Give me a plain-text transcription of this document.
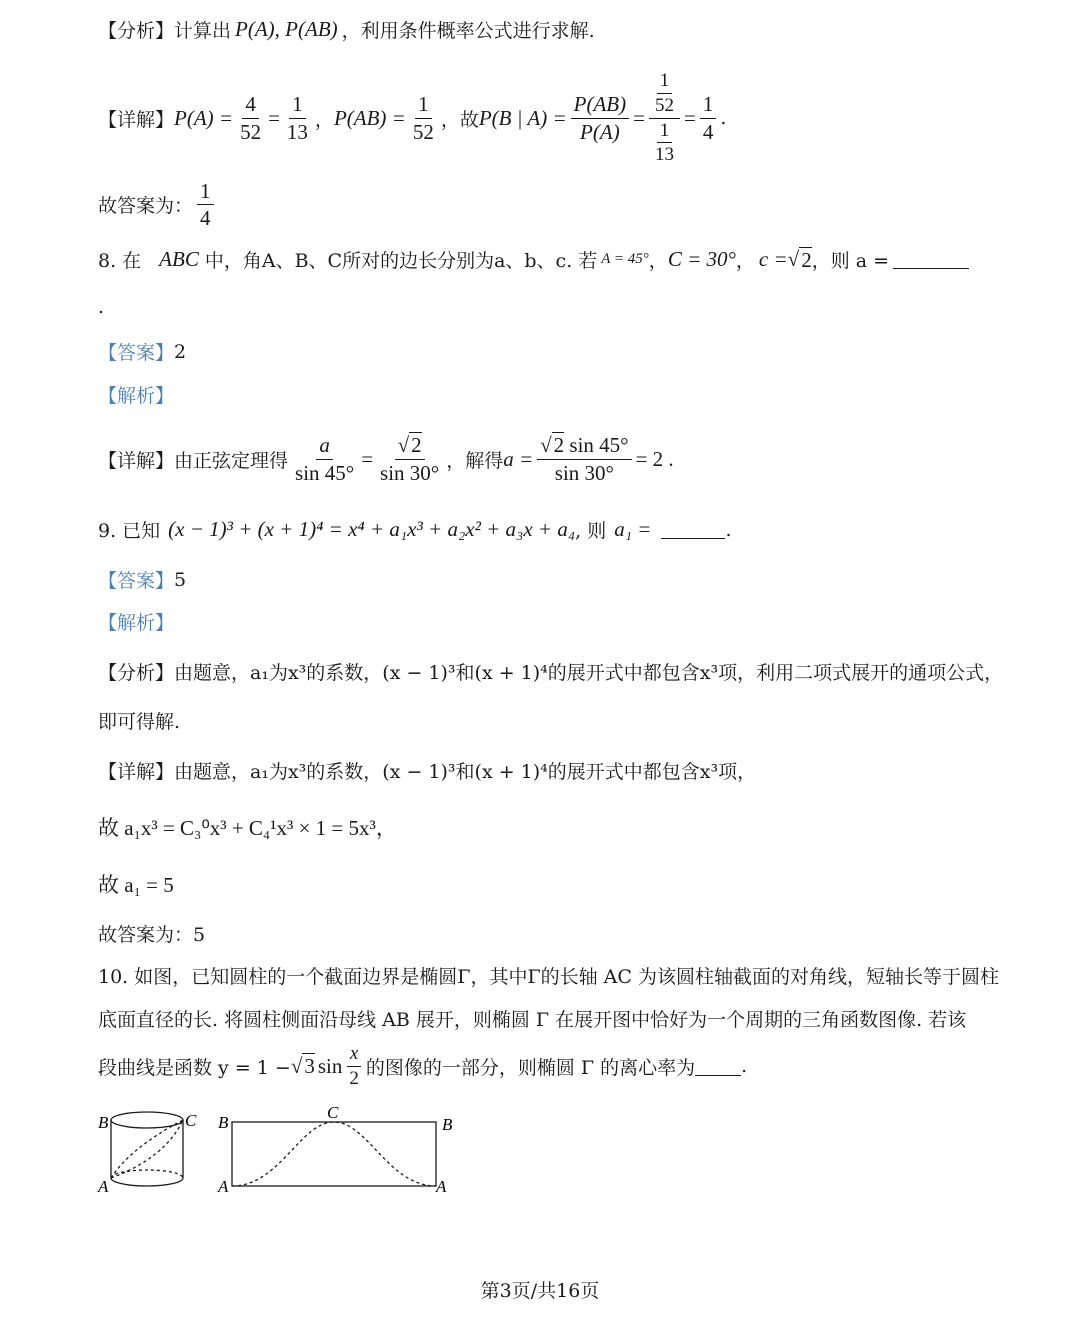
【分析】 计算出 P(A), P(AB) ，利用条件概率公式进行求解.
【详解】 $P(A) = \frac{4}{52} = \frac{1}{13}$ ， $P(AB) = \frac{1}{52}$ ，故 P(B | $A) = \frac{P(AB)}{P(A)} = \frac{\frac{1}{52}}{\frac{1}{13}} = \frac{1}{4}$ .
故答案为： $\frac{1}{4}$
8. 在 ABC 中，角A、B、C所对的边长分别为a、b、c. 若 A = 45° ， C = 30° ， c = √ 2 ，则 a =
.
【答案】 2
【解析】
【详解】 由正弦定理得 $\frac{a}{\sin 45^\circ} = \frac{√2}{\sin 30^\circ}$ ，解得 $a = \frac{√2 \sin 45^\circ}{\sin 30^\circ} = 2$ .
9. 已知 (x − 1)³ + (x + 1)⁴ = x⁴ + a₁x³ + a₂x² + a₃x + a₄ , 则 a₁ =	.
【答案】 5
【解析】
【分析】 由题意，a₁为x³的系数，(x − 1)³和(x + 1)⁴的展开式中都包含x³项，利用二项式展开的通项公式，
即可得解.
【详解】 由题意，a₁为x³的系数，(x − 1)³和(x + 1)⁴的展开式中都包含x³项，
故 a₁x³ = C₃⁰x³ + C₄¹x³ × 1 = 5x³，
故 a₁ = 5
故答案为：5
10. 如图，已知圆柱的一个截面边界是椭圆Γ，其中Γ的长轴 AC 为该圆柱轴截面的对角线，短轴长等于圆柱
底面直径的长. 将圆柱侧面沿母线 AB 展开，则椭圆 Γ 在展开图中恰好为一个周期的三角函数图像. 若该
段曲线是函数 y = 1 − √ 3 $\sin \frac{x}{2}$ 的图像的一部分，则椭圆 Γ 的离心率为 .
B	C
A
B
C
B
A	A
第3页/共16页
